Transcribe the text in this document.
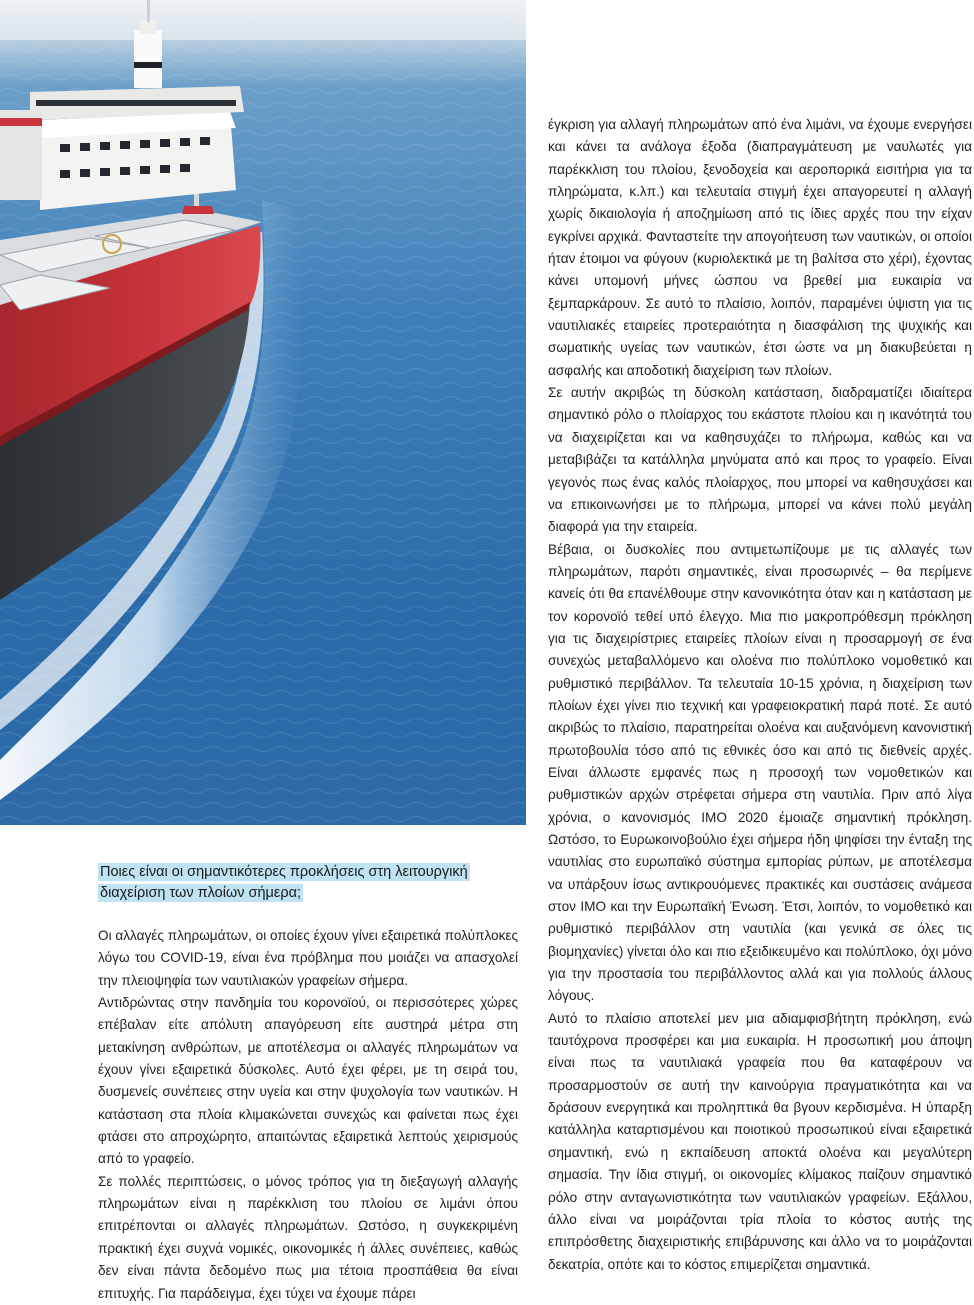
Ποιες είναι οι σημαντικότερες προκλήσεις στη λειτουργική διαχείριση των πλοίων σήμερα;

Οι αλλαγές πληρωμάτων, οι οποίες έχουν γίνει εξαιρετικά πολύπλοκες λόγω του COVID-19, είναι ένα πρόβλημα που μοιάζει να απασχολεί την πλειοψηφία των ναυτιλιακών γραφείων σήμερα.

Αντιδρώντας στην πανδημία του κορονοϊού, οι περισσότερες χώρες επέβαλαν είτε απόλυτη απαγόρευση είτε αυστηρά μέτρα στη μετακίνηση ανθρώπων, με αποτέλεσμα οι αλλαγές πληρωμάτων να έχουν γίνει εξαιρετικά δύσκολες. Αυτό έχει φέρει, με τη σειρά του, δυσμενείς συνέπειες στην υγεία και στην ψυχολογία των ναυτικών. Η κατάσταση στα πλοία κλιμακώνεται συνεχώς και φαίνεται πως έχει φτάσει στο απροχώρητο, απαιτώντας εξαιρετικά λεπτούς χειρισμούς από το γραφείο.

Σε πολλές περιπτώσεις, ο μόνος τρόπος για τη διεξαγωγή αλλαγής πληρωμάτων είναι η παρέκκλιση του πλοίου σε λιμάνι όπου επιτρέπονται οι αλλαγές πληρωμάτων. Ωστόσο, η συγκεκριμένη πρακτική έχει συχνά νομικές, οικονομικές ή άλλες συνέπειες, καθώς δεν είναι πάντα δεδομένο πως μια τέτοια προσπάθεια θα είναι επιτυχής. Για παράδειγμα, έχει τύχει να έχουμε πάρει

έγκριση για αλλαγή πληρωμάτων από ένα λιμάνι, να έχουμε ενεργήσει και κάνει τα ανάλογα έξοδα (διαπραγμάτευση με ναυλωτές για παρέκκλιση του πλοίου, ξενοδοχεία και αεροπορικά εισιτήρια για τα πληρώματα, κ.λπ.) και τελευταία στιγμή έχει απαγορευτεί η αλλαγή χωρίς δικαιολογία ή αποζημίωση από τις ίδιες αρχές που την είχαν εγκρίνει αρχικά. Φανταστείτε την απογοήτευση των ναυτικών, οι οποίοι ήταν έτοιμοι να φύγουν (κυριολεκτικά με τη βαλίτσα στο χέρι), έχοντας κάνει υπομονή μήνες ώσπου να βρεθεί μια ευκαιρία να ξεμπαρκάρουν. Σε αυτό το πλαίσιο, λοιπόν, παραμένει ύψιστη για τις ναυτιλιακές εταιρείες προτεραιότητα η διασφάλιση της ψυχικής και σωματικής υγείας των ναυτικών, έτσι ώστε να μη διακυβεύεται η ασφαλής και αποδοτική διαχείριση των πλοίων.

Σε αυτήν ακριβώς τη δύσκολη κατάσταση, διαδραματίζει ιδιαίτερα σημαντικό ρόλο ο πλοίαρχος του εκάστοτε πλοίου και η ικανότητά του να διαχειρίζεται και να καθησυχάζει το πλήρωμα, καθώς και να μεταβιβάζει τα κατάλληλα μηνύματα από και προς το γραφείο. Είναι γεγονός πως ένας καλός πλοίαρχος, που μπορεί να καθησυχάσει και να επικοινωνήσει με το πλήρωμα, μπορεί να κάνει πολύ μεγάλη διαφορά για την εταιρεία.

Βέβαια, οι δυσκολίες που αντιμετωπίζουμε με τις αλλαγές των πληρωμάτων, παρότι σημαντικές, είναι προσωρινές – θα περίμενε κανείς ότι θα επανέλθουμε στην κανονικότητα όταν και η κατάσταση με τον κορονοϊό τεθεί υπό έλεγχο. Μια πιο μακροπρόθεσμη πρόκληση για τις διαχειρίστριες εταιρείες πλοίων είναι η προσαρμογή σε ένα συνεχώς μεταβαλλόμενο και ολοένα πιο πολύπλοκο νομοθετικό και ρυθμιστικό περιβάλλον. Τα τελευταία 10-15 χρόνια, η διαχείριση των πλοίων έχει γίνει πιο τεχνική και γραφειοκρατική παρά ποτέ. Σε αυτό ακριβώς το πλαίσιο, παρατηρείται ολοένα και αυξανόμενη κανονιστική πρωτοβουλία τόσο από τις εθνικές όσο και από τις διεθνείς αρχές. Είναι άλλωστε εμφανές πως η προσοχή των νομοθετικών και ρυθμιστικών αρχών στρέφεται σήμερα στη ναυτιλία. Πριν από λίγα χρόνια, ο κανονισμός IMO 2020 έμοιαζε σημαντική πρόκληση. Ωστόσο, το Ευρωκοινοβούλιο έχει σήμερα ήδη ψηφίσει την ένταξη της ναυτιλίας στο ευρωπαϊκό σύστημα εμπορίας ρύπων, με αποτέλεσμα να υπάρξουν ίσως αντικρουόμενες πρακτικές και συστάσεις ανάμεσα στον IMO και την Ευρωπαϊκή Ένωση. Έτσι, λοιπόν, το νομοθετικό και ρυθμιστικό περιβάλλον στη ναυτιλία (και γενικά σε όλες τις βιομηχανίες) γίνεται όλο και πιο εξειδικευμένο και πολύπλοκο, όχι μόνο για την προστασία του περιβάλλοντος αλλά και για πολλούς άλλους λόγους.

Αυτό το πλαίσιο αποτελεί μεν μια αδιαμφισβήτητη πρόκληση, ενώ ταυτόχρονα προσφέρει και μια ευκαιρία. Η προσωπική μου άποψη είναι πως τα ναυτιλιακά γραφεία που θα καταφέρουν να προσαρμοστούν σε αυτή την καινούργια πραγματικότητα και να δράσουν ενεργητικά και προληπτικά θα βγουν κερδισμένα. Η ύπαρξη κατάλληλα καταρτισμένου και ποιοτικού προσωπικού είναι εξαιρετικά σημαντική, ενώ η εκπαίδευση αποκτά ολοένα και μεγαλύτερη σημασία. Την ίδια στιγμή, οι οικονομίες κλίμακος παίζουν σημαντικό ρόλο στην ανταγωνιστικότητα των ναυτιλιακών γραφείων. Εξάλλου, άλλο είναι να μοιράζονται τρία πλοία το κόστος αυτής της επιπρόσθετης διαχειριστικής επιβάρυνσης και άλλο να το μοιράζονται δεκατρία, οπότε και το κόστος επιμερίζεται σημαντικά.
